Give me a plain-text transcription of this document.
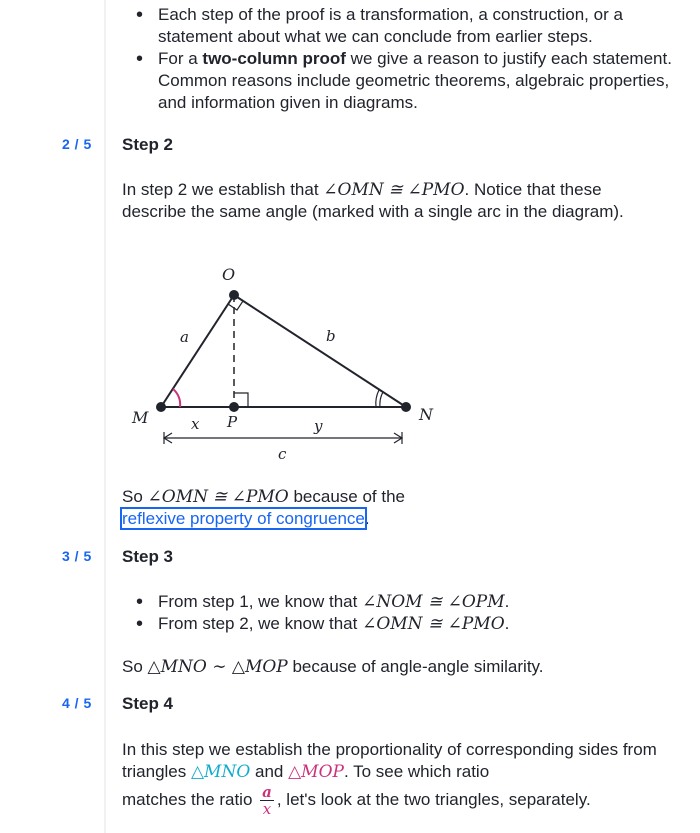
• Each step of the proof is a transformation, a construction, or a statement about what we can conclude from earlier steps.
• For a two-column proof we give a reason to justify each statement. Common reasons include geometric theorems, algebraic properties, and information given in diagrams.
2 / 5 Step 2
In step 2 we establish that ∠OMN ≅ ∠PMO. Notice that these describe the same angle (marked with a single arc in the diagram).
O
M	N
P
a	b
c
x	y
So ∠OMN ≅ ∠PMO because of the
reflexive property of congruence.
3 / 5 Step 3
• From step 1, we know that ∠NOM ≅ ∠OPM.
• From step 2, we know that ∠OMN ≅ ∠PMO.
So △MNO ∼ △MOP because of angle-angle similarity.
4 / 5 Step 4
In this step we establish the proportionality of corresponding sides from triangles △MNO and △MOP. To see which ratio
matches the ratio $\frac{a}{x}$ , let's look at the two triangles, separately.
